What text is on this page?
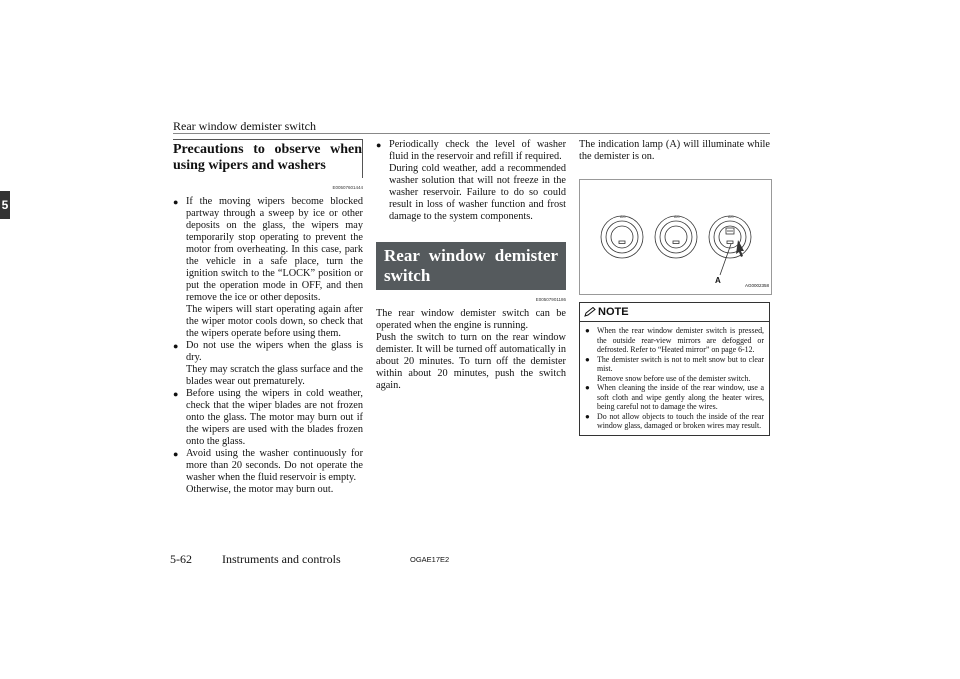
Rear window demister switch
5
Precautions to observe when using wipers and washers
E00507601444

● If the moving wipers become blocked partway through a sweep by ice or other deposits on the glass, the wipers may temporarily stop operating to prevent the motor from overheating. In this case, park the vehicle in a safe place, turn the ignition switch to the “LOCK” position or put the operation mode in OFF, and then remove the ice or other deposits.

The wipers will start operating again after the wiper motor cools down, so check that the wipers operate before using them.

● Do not use the wipers when the glass is dry.

They may scratch the glass surface and the blades wear out prematurely.

● Before using the wipers in cold weather, check that the wiper blades are not frozen onto the glass. The motor may burn out if the wipers are used with the blades frozen onto the glass.

● Avoid using the washer continuously for more than 20 seconds. Do not operate the washer when the fluid reservoir is empty.

Otherwise, the motor may burn out.

● Periodically check the level of washer fluid in the reservoir and refill if required.

During cold weather, add a recommended washer solution that will not freeze in the washer reservoir. Failure to do so could result in loss of washer function and frost damage to the system components.

Rear window demister switch
E00507901186

The rear window demister switch can be operated when the engine is running.

Push the switch to turn on the rear window demister. It will be turned off automatically in about 20 minutes. To turn off the demister within about 20 minutes, push the switch again.

The indication lamp (A) will illuminate while the demister is on.

A/C	A/C	A/C
A
AG0002358
NOTE

● When the rear window demister switch is pressed, the outside rear-view mirrors are defogged or defrosted. Refer to “Heated mirror” on page 6-12.

● The demister switch is not to melt snow but to clear mist.

Remove snow before use of the demister switch.

● When cleaning the inside of the rear window, use a soft cloth and wipe gently along the heater wires, being careful not to damage the wires.

● Do not allow objects to touch the inside of the rear window glass, damaged or broken wires may result.

5-62	Instruments and controls	OGAE17E2
